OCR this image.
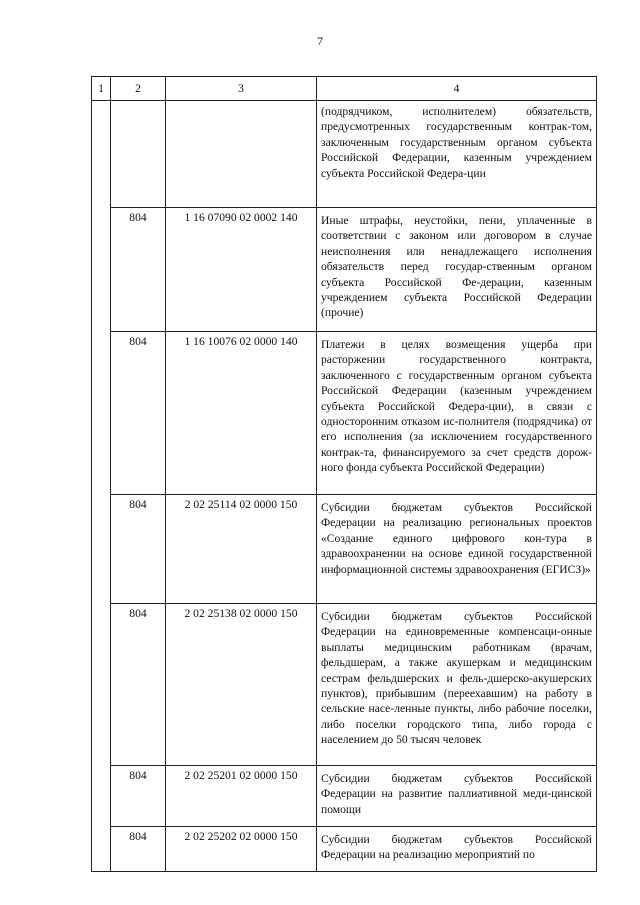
7
1	2	3	4
			(подрядчиком, исполнителем) обязательств, предусмотренных государственным контрак-том, заключенным государственным органом субъекта Российской Федерации, казенным учреждением субъекта Российской Федера-ции
	804	1 16 07090 02 0002 140	Иные штрафы, неустойки, пени, уплаченные в соответствии с законом или договором в случае неисполнения или ненадлежащего исполнения обязательств перед государ-ственным органом субъекта Российской Фе-дерации, казенным учреждением субъекта Российской Федерации (прочие)
	804	1 16 10076 02 0000 140	Платежи в целях возмещения ущерба при расторжении государственного контракта, заключенного с государственным органом субъекта Российской Федерации (казенным учреждением субъекта Российской Федера-ции), в связи с односторонним отказом ис-полнителя (подрядчика) от его исполнения (за исключением государственного контрак-та, финансируемого за счет средств дорож-ного фонда субъекта Российской Федерации)
	804	2 02 25114 02 0000 150	Субсидии бюджетам субъектов Российской Федерации на реализацию региональных проектов «Создание единого цифрового кон-тура в здравоохранении на основе единой государственной информационной системы здравоохранения (ЕГИСЗ)»
	804	2 02 25138 02 0000 150	Субсидии бюджетам субъектов Российской Федерации на единовременные компенсаци-онные выплаты медицинским работникам (врачам, фельдшерам, а также акушеркам и медицинским сестрам фельдшерских и фель-дшерско-акушерских пунктов), прибывшим (переехавшим) на работу в сельские насе-ленные пункты, либо рабочие поселки, либо поселки городского типа, либо города с населением до 50 тысяч человек
	804	2 02 25201 02 0000 150	Субсидии бюджетам субъектов Российской Федерации на развитие паллиативной меди-цинской помощи
	804	2 02 25202 02 0000 150	Субсидии бюджетам субъектов Российской Федерации на реализацию мероприятий по
